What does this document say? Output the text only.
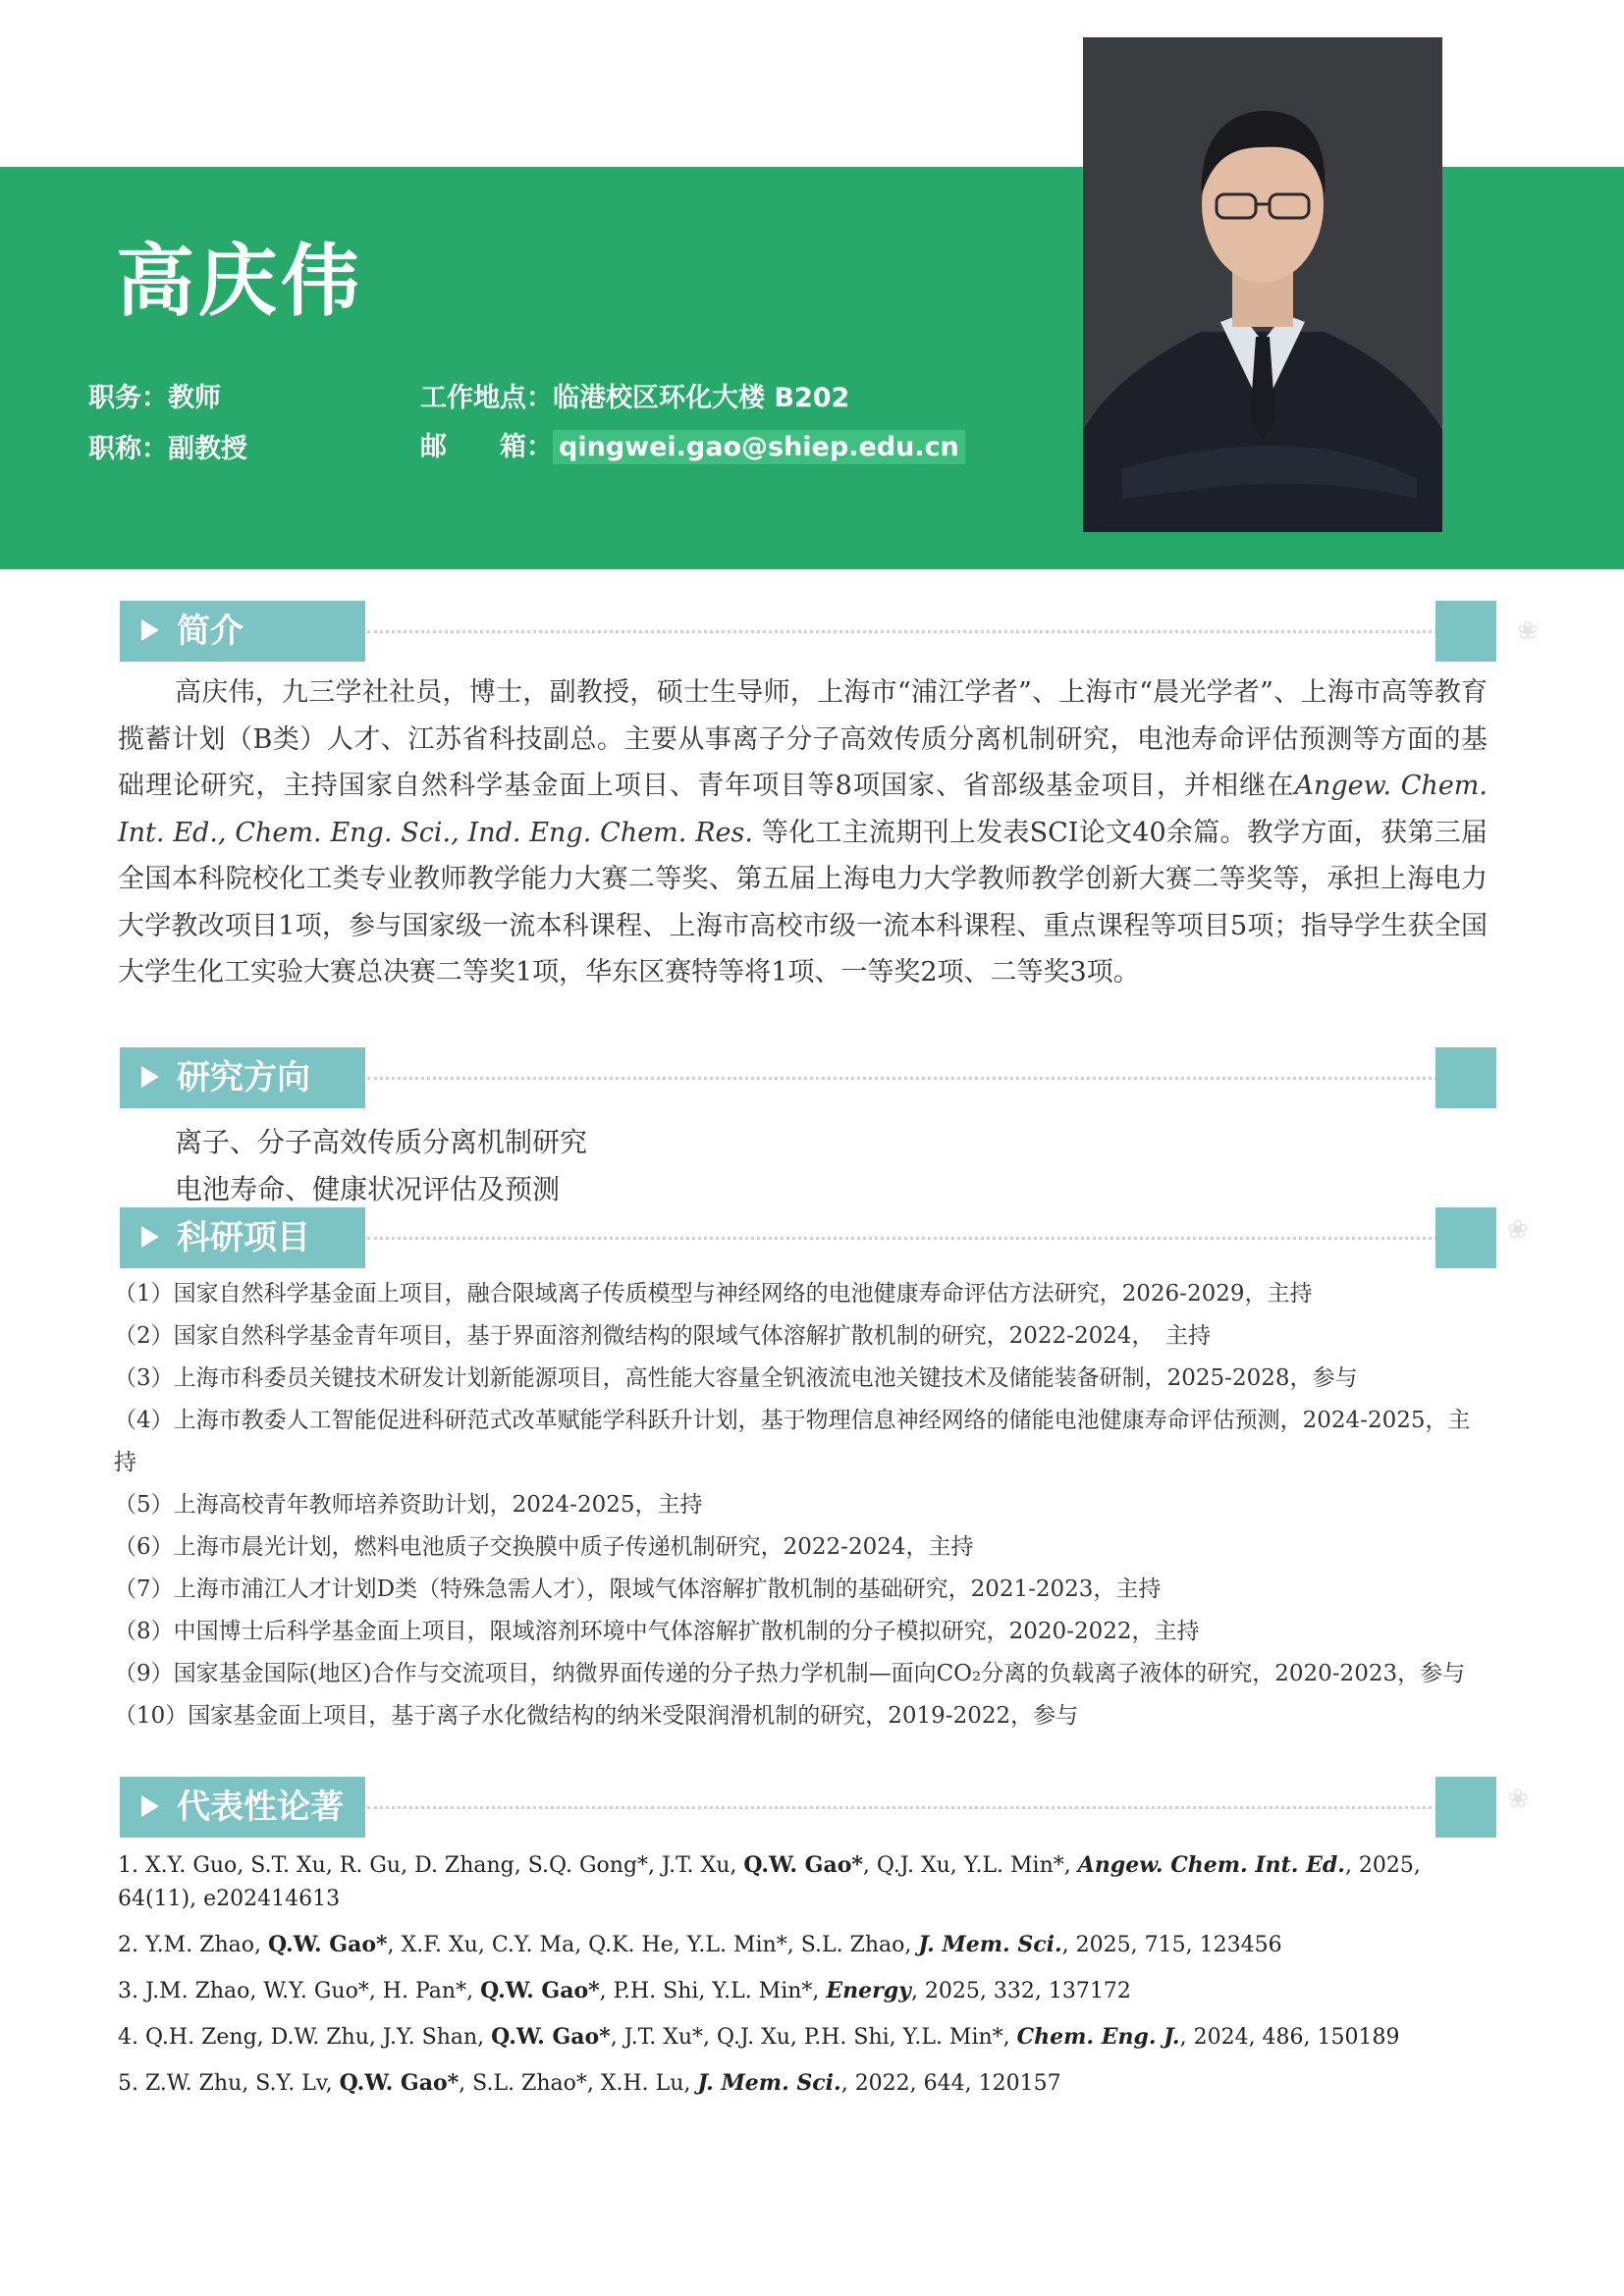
高庆伟
职务：教师
职称：副教授
工作地点：临港校区环化大楼 B202
邮　　箱： qingwei.gao@shiep.edu.cn
简介	❀
高庆伟，九三学社社员，博士，副教授，硕士生导师，上海市“浦江学者”、上海市“晨光学者”、上海市高等教育揽蓄计划（B类）人才、江苏省科技副总。主要从事离子分子高效传质分离机制研究，电池寿命评估预测等方面的基础理论研究，主持国家自然科学基金面上项目、青年项目等8项国家、省部级基金项目，并相继在Angew. Chem. Int. Ed., Chem. Eng. Sci., Ind. Eng. Chem. Res. 等化工主流期刊上发表SCI论文40余篇。教学方面，获第三届全国本科院校化工类专业教师教学能力大赛二等奖、第五届上海电力大学教师教学创新大赛二等奖等，承担上海电力大学教改项目1项，参与国家级一流本科课程、上海市高校市级一流本科课程、重点课程等项目5项；指导学生获全国大学生化工实验大赛总决赛二等奖1项，华东区赛特等将1项、一等奖2项、二等奖3项。
研究方向
离子、分子高效传质分离机制研究
电池寿命、健康状况评估及预测
科研项目	❀
（1）国家自然科学基金面上项目，融合限域离子传质模型与神经网络的电池健康寿命评估方法研究，2026-2029，主持
（2）国家自然科学基金青年项目，基于界面溶剂微结构的限域气体溶解扩散机制的研究，2022-2024，　主持
（3）上海市科委员关键技术研发计划新能源项目，高性能大容量全钒液流电池关键技术及储能装备研制，2025-2028，参与
（4）上海市教委人工智能促进科研范式改革赋能学科跃升计划，基于物理信息神经网络的储能电池健康寿命评估预测，2024-2025，主持
（5）上海高校青年教师培养资助计划，2024-2025，主持
（6）上海市晨光计划，燃料电池质子交换膜中质子传递机制研究，2022-2024，主持
（7）上海市浦江人才计划D类（特殊急需人才），限域气体溶解扩散机制的基础研究，2021-2023，主持
（8）中国博士后科学基金面上项目，限域溶剂环境中气体溶解扩散机制的分子模拟研究，2020-2022，主持
（9）国家基金国际(地区)合作与交流项目，纳微界面传递的分子热力学机制—面向CO₂分离的负载离子液体的研究，2020-2023，参与
（10）国家基金面上项目，基于离子水化微结构的纳米受限润滑机制的研究，2019-2022，参与
代表性论著	❀
1. X.Y. Guo, S.T. Xu, R. Gu, D. Zhang, S.Q. Gong*, J.T. Xu, Q.W. Gao*, Q.J. Xu, Y.L. Min*, Angew. Chem. Int. Ed., 2025, 64(11), e202414613
2. Y.M. Zhao, Q.W. Gao*, X.F. Xu, C.Y. Ma, Q.K. He, Y.L. Min*, S.L. Zhao, J. Mem. Sci., 2025, 715, 123456
3. J.M. Zhao, W.Y. Guo*, H. Pan*, Q.W. Gao*, P.H. Shi, Y.L. Min*, Energy, 2025, 332, 137172
4. Q.H. Zeng, D.W. Zhu, J.Y. Shan, Q.W. Gao*, J.T. Xu*, Q.J. Xu, P.H. Shi, Y.L. Min*, Chem. Eng. J., 2024, 486, 150189
5. Z.W. Zhu, S.Y. Lv, Q.W. Gao*, S.L. Zhao*, X.H. Lu, J. Mem. Sci., 2022, 644, 120157
